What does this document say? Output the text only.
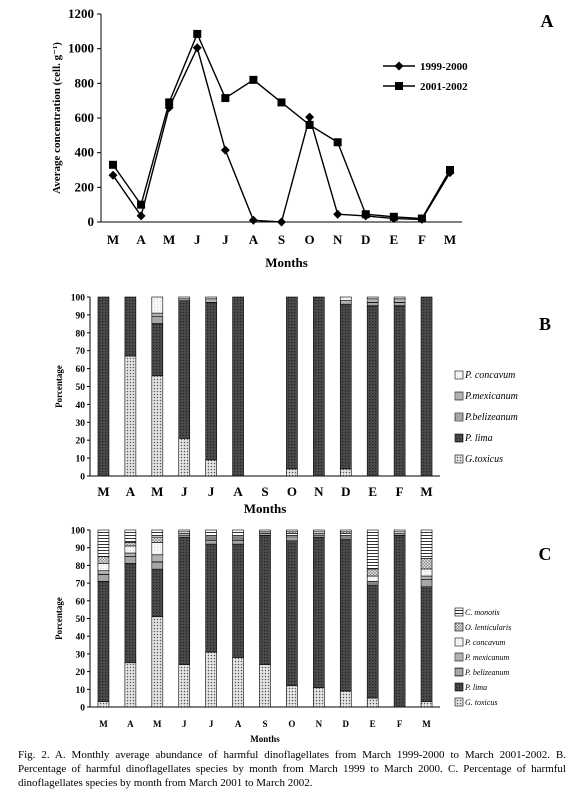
0
200
400
600
800
1000
1200
M A M J J A S O N D E F M
Average concentration (cell. g⁻¹)
Months
A
1999-2000
2001-2002
0
10
20
30
40
50
60
70
80
90
100
M A M J J A S O N D E F M
Porcentage
Months
B
G.toxicus
P. lima
P.belizeanum
P.mexicanum
P. concavum
0
10
20
30
40
50
60
70
80
90
100
M A M J J A S O N D E F M
Porcentage
Months
C
G. toxicus
P. lima
P. belizeanum
P. mexicanum
P. concavum
O. lenticularis
C. monotis
Fig. 2. A. Monthly average abundance of harmful dinoflagellates from March 1999-2000 to March 2001-2002. B. Percentage of harmful dinoflagellates species by month from March 1999 to March 2000. C. Percentage of harmful dinoflagellates species by month from March 2001 to March 2002.
